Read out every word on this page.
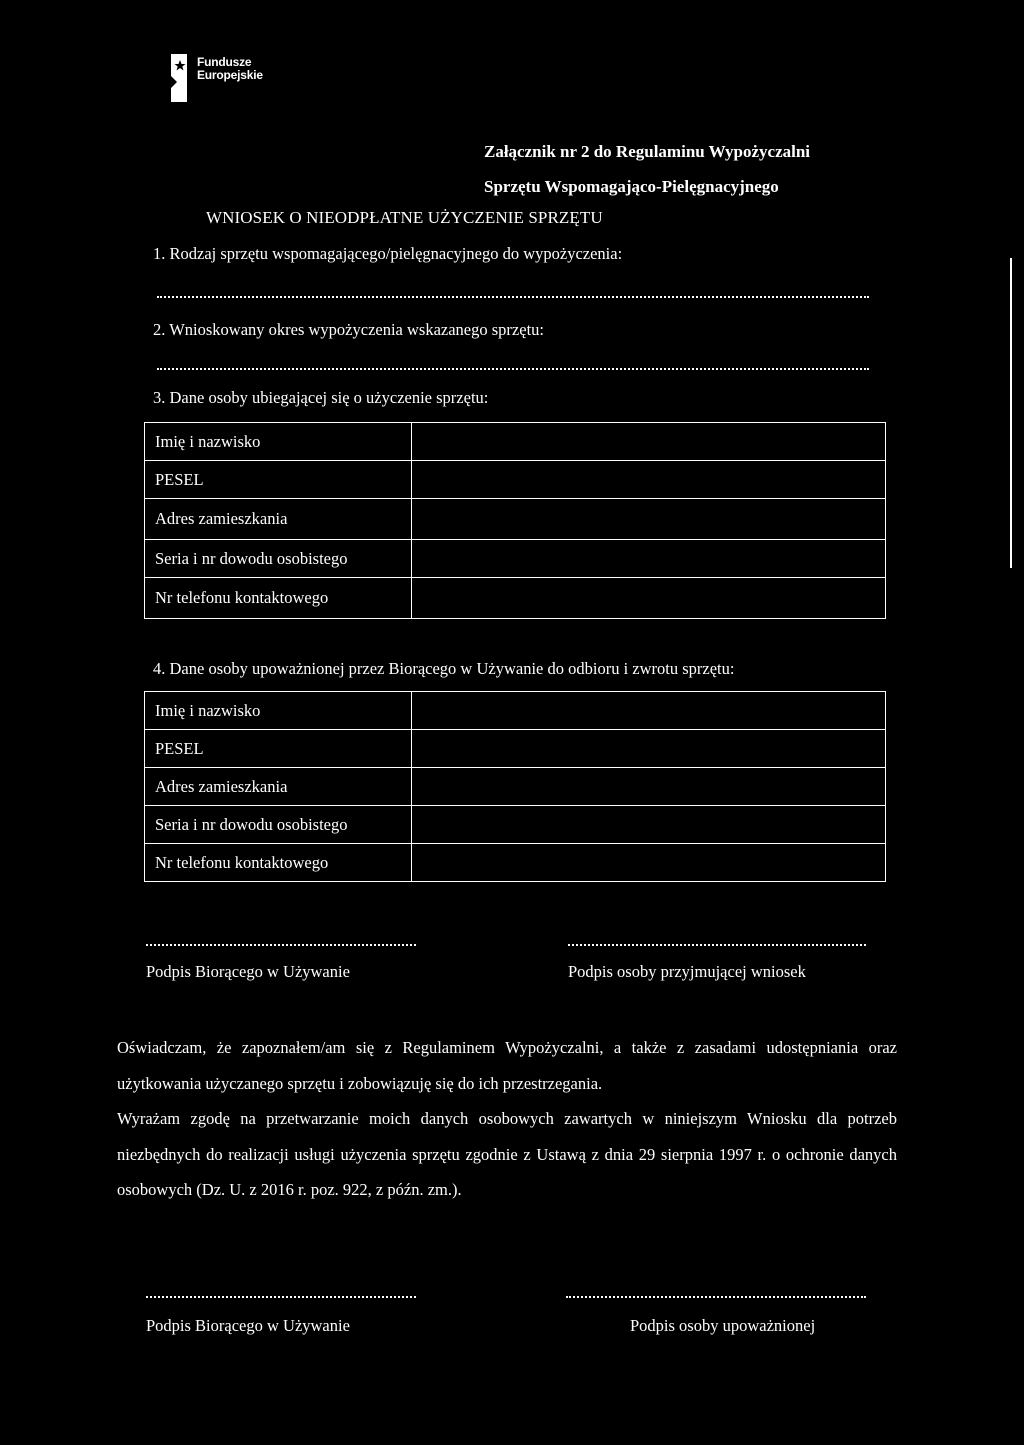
Fundusze
Europejskie
Załącznik nr 2 do Regulaminu Wypożyczalni
Sprzętu Wspomagająco-Pielęgnacyjnego
WNIOSEK O NIEODPŁATNE UŻYCZENIE SPRZĘTU
1. Rodzaj sprzętu wspomagającego/pielęgnacyjnego do wypożyczenia:
2. Wnioskowany okres wypożyczenia wskazanego sprzętu:
3. Dane osoby ubiegającej się o użyczenie sprzętu:
Imię i nazwisko	
PESEL	
Adres zamieszkania	
Seria i nr dowodu osobistego	
Nr telefonu kontaktowego	
4. Dane osoby upoważnionej przez Biorącego w Używanie do odbioru i zwrotu sprzętu:
Imię i nazwisko	
PESEL	
Adres zamieszkania	
Seria i nr dowodu osobistego	
Nr telefonu kontaktowego	
Podpis Biorącego w Używanie	Podpis osoby przyjmującej wniosek

Oświadczam, że zapoznałem/am się z Regulaminem Wypożyczalni, a także z zasadami udostępniania oraz użytkowania użyczanego sprzętu i zobowiązuję się do ich przestrzegania.

Wyrażam zgodę na przetwarzanie moich danych osobowych zawartych w niniejszym Wniosku dla potrzeb niezbędnych do realizacji usługi użyczenia sprzętu zgodnie z Ustawą z dnia 29 sierpnia 1997 r. o ochronie danych osobowych (Dz. U. z 2016 r. poz. 922, z późn. zm.).

Podpis Biorącego w Używanie	Podpis osoby upoważnionej
